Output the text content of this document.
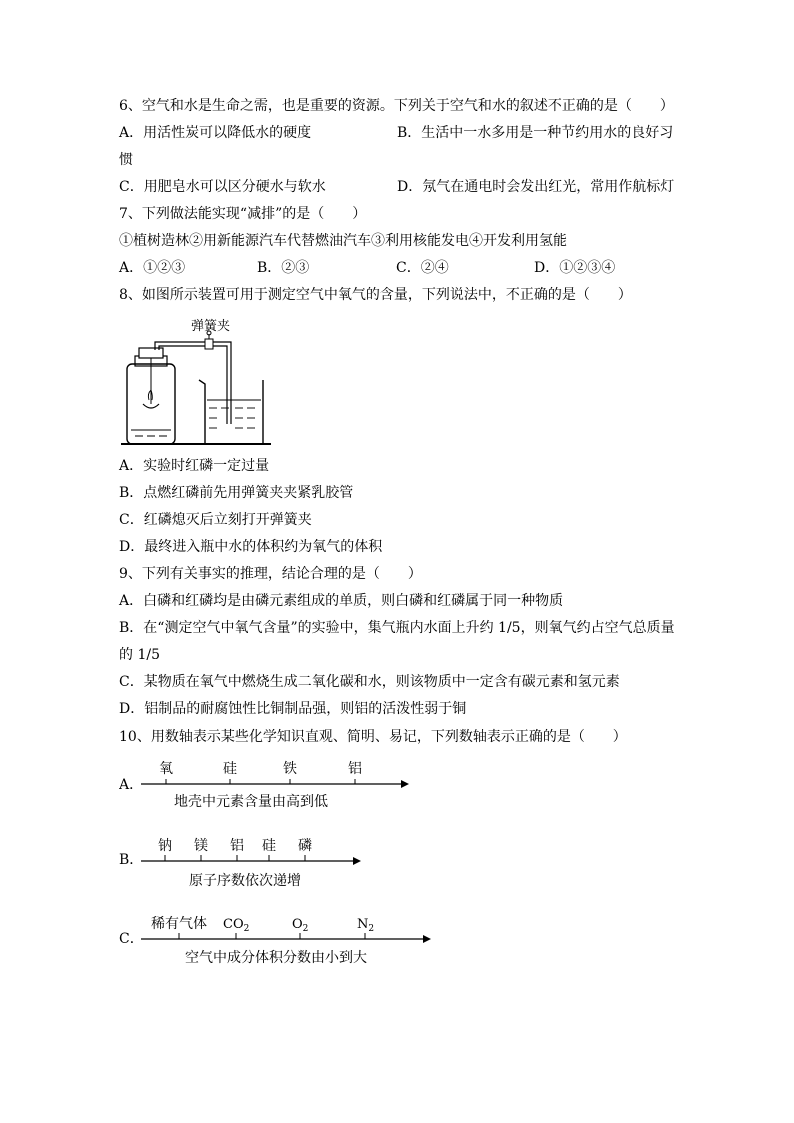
6、空气和水是生命之需，也是重要的资源。下列关于空气和水的叙述不正确的是（　　）
A．用活性炭可以降低水的硬度	B．生活中一水多用是一种节约用水的良好习
惯
C．用肥皂水可以区分硬水与软水	D．氖气在通电时会发出红光，常用作航标灯
7、下列做法能实现“减排”的是（　　）
①植树造林②用新能源汽车代替燃油汽车③利用核能发电④开发利用氢能
A．①②③	B．②③	C．②④	D．①②③④
8、如图所示装置可用于测定空气中氧气的含量，下列说法中，不正确的是（　　）
弹簧夹
A．实验时红磷一定过量
B．点燃红磷前先用弹簧夹夹紧乳胶管
C．红磷熄灭后立刻打开弹簧夹
D．最终进入瓶中水的体积约为氧气的体积
9、下列有关事实的推理，结论合理的是（　　）
A．白磷和红磷均是由磷元素组成的单质，则白磷和红磷属于同一种物质
B．在“测定空气中氧气含量”的实验中，集气瓶内水面上升约 1/5，则氧气约占空气总质量
的 1/5
C．某物质在氧气中燃烧生成二氧化碳和水，则该物质中一定含有碳元素和氢元素
D．铝制品的耐腐蚀性比铜制品强，则铝的活泼性弱于铜
10、用数轴表示某些化学知识直观、简明、易记，下列数轴表示正确的是（　　）
A．
氧	硅	铁	铝
地壳中元素含量由高到低
B．
钠 镁 铝 硅 磷
原子序数依次递增
C．
稀有气体 $CO_2$	$O_2$	$N_2$
空气中成分体积分数由小到大
